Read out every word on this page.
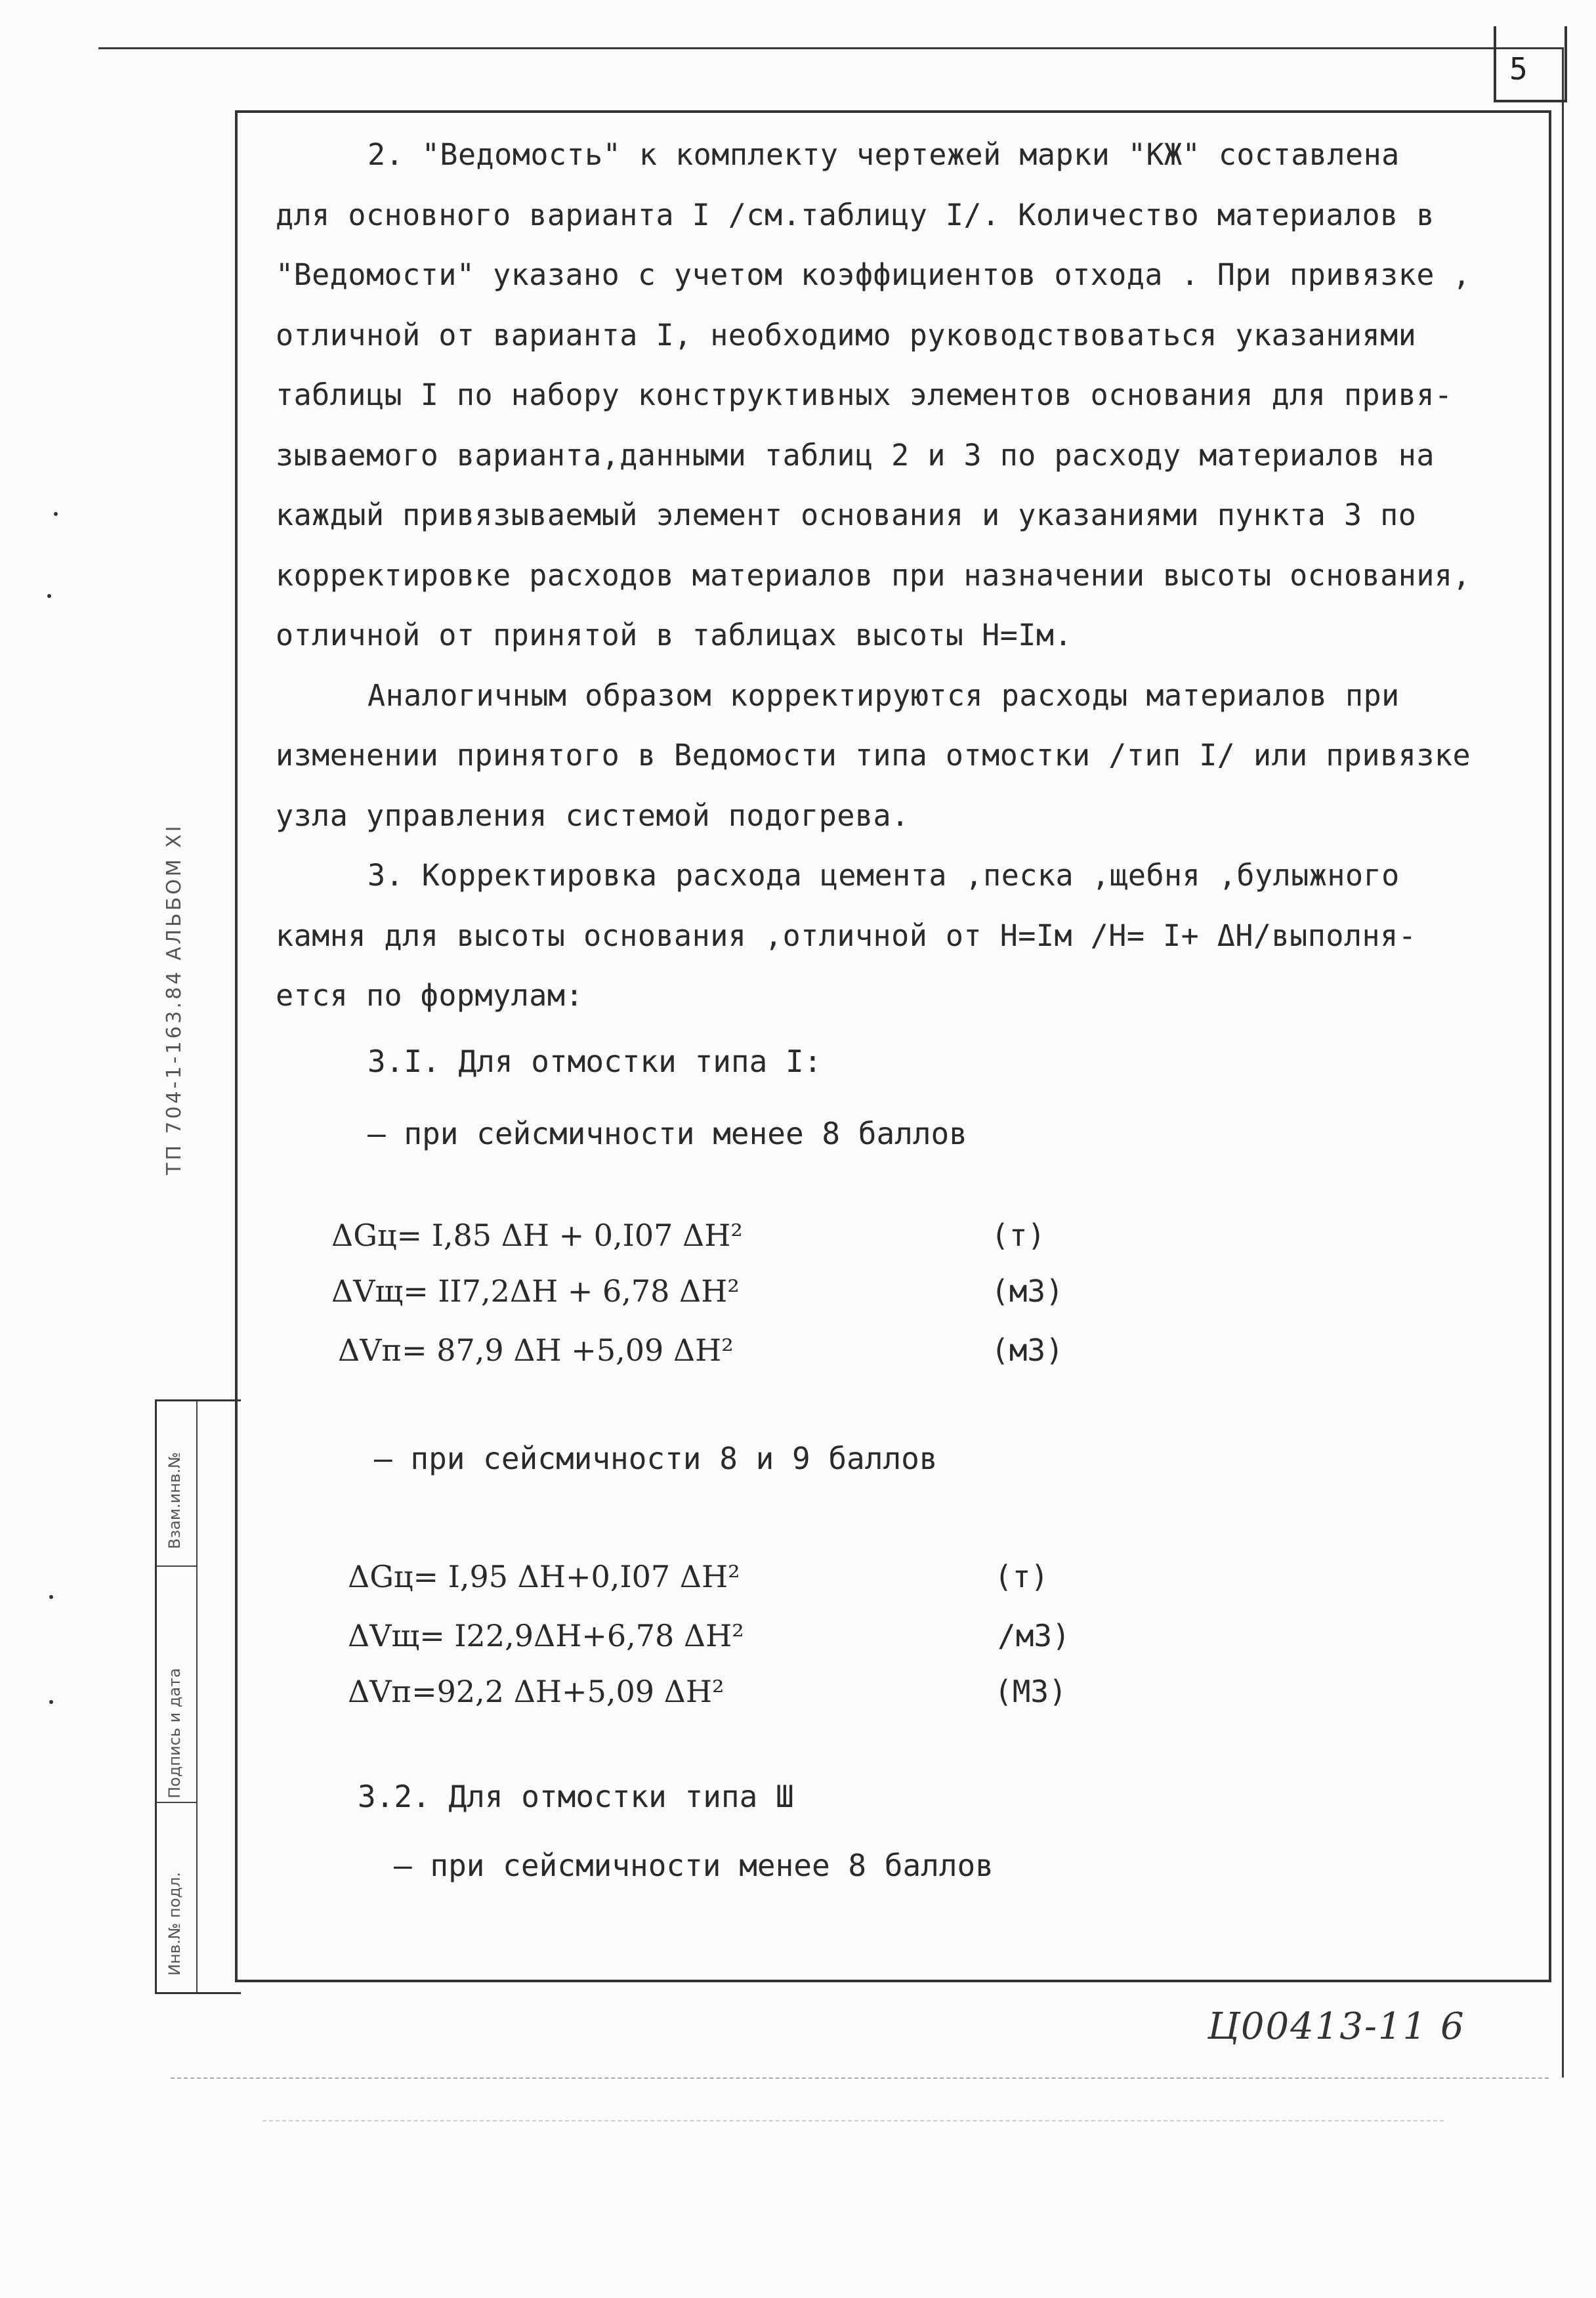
5
ТП 704-1-163.84 АЛЬБОМ XI
Инв.№ подл.
Подпись и дата
Взам.инв.№

2. "Ведомость" к комплекту чертежей марки "КЖ" составлена
для основного варианта I /см.таблицу I/. Количество материалов в
"Ведомости" указано с учетом коэффициентов отхода . При привязке ,
отличной от варианта I, необходимо руководствоваться указаниями
таблицы I по набору конструктивных элементов основания для привя-
зываемого варианта,данными таблиц 2 и 3 по расходу материалов на
каждый привязываемый элемент основания и указаниями пункта 3 по
корректировке расходов материалов при назначении высоты основания,
отличной от принятой в таблицах высоты Н=Iм.

Аналогичным образом корректируются расходы материалов при
изменении принятого в Ведомости типа отмостки /тип I/ или привязке
узла управления системой подогрева.

3. Корректировка расхода цемента ,песка ,щебня ,булыжного
камня для высоты основания ,отличной от Н=Iм /Н= I+ ΔН/выполня-
ется по формулам:

3.I. Для отмостки типа I:
– при сейсмичности менее 8 баллов
ΔGц= I,85 ΔН + 0,I07 ΔН²	(т)
ΔVщ= II7,2ΔН + 6,78 ΔН²	(м3)
ΔVп= 87,9 ΔН +5,09 ΔН²	(м3)
– при сейсмичности 8 и 9 баллов
ΔGц= I,95 ΔН+0,I07 ΔН²	(т)
ΔVщ= I22,9ΔН+6,78 ΔН²	/м3)
ΔVп=92,2 ΔН+5,09 ΔН²	(М3)
3.2. Для отмостки типа Ш
– при сейсмичности менее 8 баллов
Ц00413-11 6
